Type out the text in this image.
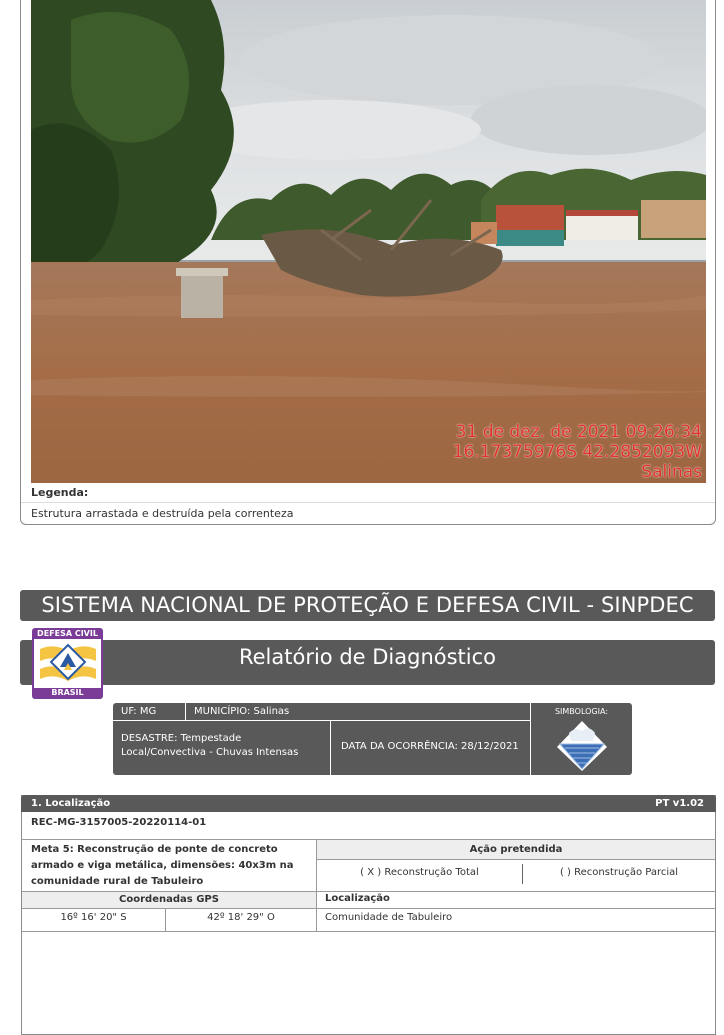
31 de dez. de 2021 09:26:34
16.17375976S 42.2852093W
Salinas
Legenda:
Estrutura arrastada e destruída pela correnteza
SISTEMA NACIONAL DE PROTEÇÃO E DEFESA CIVIL - SINPDEC
Relatório de Diagnóstico
DEFESA CIVIL
BRASIL
UF: MG	MUNICÍPIO: Salinas
DESASTRE: Tempestade Local/Convectiva - Chuvas Intensas
DATA DA OCORRÊNCIA: 28/12/2021
SIMBOLOGIA:
1. Localização	PT v1.02
REC-MG-3157005-20220114-01
Meta 5: Reconstrução de ponte de concreto armado e viga metálica, dimensões: 40x3m na comunidade rural de Tabuleiro
Ação pretendida
( X ) Reconstrução Total	( ) Reconstrução Parcial
Coordenadas GPS	Localização
16º 16' 20" S	42º 18' 29" O	Comunidade de Tabuleiro
